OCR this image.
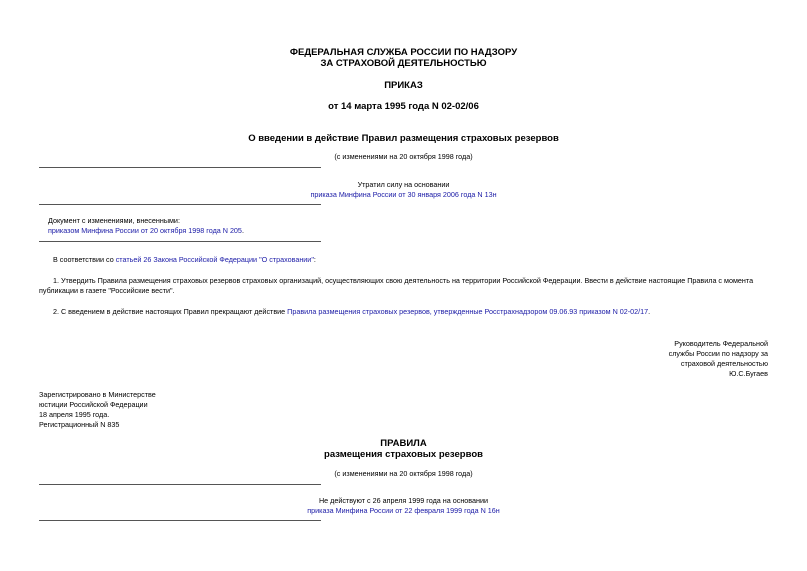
ФЕДЕРАЛЬНАЯ СЛУЖБА РОССИИ ПО НАДЗОРУ
ЗА СТРАХОВОЙ ДЕЯТЕЛЬНОСТЬЮ
ПРИКАЗ
от 14 марта 1995 года N 02-02/06
О введении в действие Правил размещения страховых резервов
(с изменениями на 20 октября 1998 года)
Утратил силу на основании
приказа Минфина России от 30 января 2006 года N 13н
Документ с изменениями, внесенными:
приказом Минфина России от 20 октября 1998 года N 205.
В соответствии со статьей 26 Закона Российской Федерации "О страховании":
1. Утвердить Правила размещения страховых резервов страховых организаций, осуществляющих свою деятельность на территории Российской Федерации. Ввести в действие настоящие Правила с момента
публикации в газете "Российские вести".
2. С введением в действие настоящих Правил прекращают действие Правила размещения страховых резервов, утвержденные Росстрахнадзором 09.06.93 приказом N 02-02/17.
Руководитель Федеральной
службы России по надзору за
страховой деятельностью
Ю.С.Бугаев
Зарегистрировано в Министерстве
юстиции Российской Федерации
18 апреля 1995 года.
Регистрационный N 835
ПРАВИЛА
размещения страховых резервов
(с изменениями на 20 октября 1998 года)
Не действуют с 26 апреля 1999 года на основании
приказа Минфина России от 22 февраля 1999 года N 16н
